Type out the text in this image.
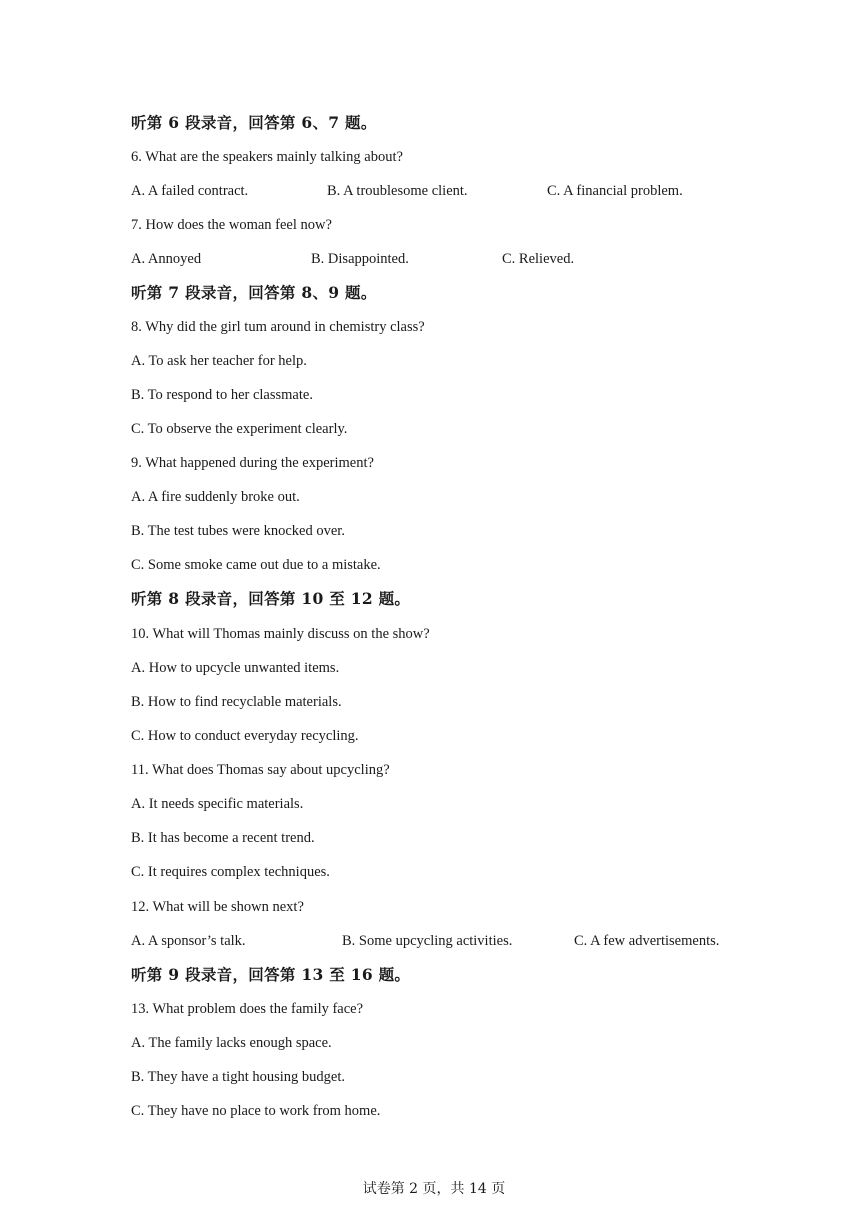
听第 6 段录音，回答第 6、7 题。
6. What are the speakers mainly talking about?
A. A failed contract.	B. A troublesome client.	C. A financial problem.
7. How does the woman feel now?
A. Annoyed	B. Disappointed.	C. Relieved.
听第 7 段录音，回答第 8、9 题。
8. Why did the girl tum around in chemistry class?
A. To ask her teacher for help.
B. To respond to her classmate.
C. To observe the experiment clearly.
9. What happened during the experiment?
A. A fire suddenly broke out.
B. The test tubes were knocked over.
C. Some smoke came out due to a mistake.
听第 8 段录音，回答第 10 至 12 题。
10. What will Thomas mainly discuss on the show?
A. How to upcycle unwanted items.
B. How to find recyclable materials.
C. How to conduct everyday recycling.
11. What does Thomas say about upcycling?
A. It needs specific materials.
B. It has become a recent trend.
C. It requires complex techniques.
12. What will be shown next?
A. A sponsor’s talk.	B. Some upcycling activities.	C. A few advertisements.
听第 9 段录音，回答第 13 至 16 题。
13. What problem does the family face?
A. The family lacks enough space.
B. They have a tight housing budget.
C. They have no place to work from home.
试卷第 2 页，共 14 页
